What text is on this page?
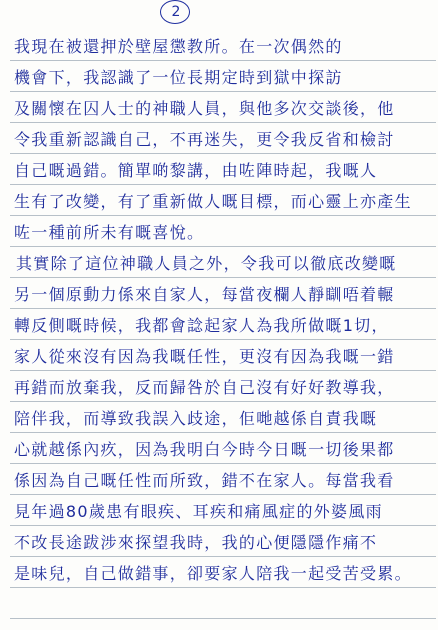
2
我現在被還押於壁屋懲教所。在一次偶然的
機會下，我認識了一位長期定時到獄中探訪
及關懷在囚人士的神職人員，與他多次交談後，他
令我重新認識自己，不再迷失，更令我反省和檢討
自己嘅過錯。簡單啲黎講，由咗陣時起，我嘅人
生有了改變，有了重新做人嘅目標，而心靈上亦產生
咗一種前所未有嘅喜悅。
其實除了這位神職人員之外，令我可以徹底改變嘅
另一個原動力係來自家人，每當夜欄人靜瞓唔着輾
轉反側嘅時候，我都會諗起家人為我所做嘅1切，
家人從來沒有因為我嘅任性，更沒有因為我嘅一錯
再錯而放棄我，反而歸咎於自己沒有好好教導我，
陪伴我，而導致我誤入歧途，佢哋越係自責我嘅
心就越係內疚，因為我明白今時今日嘅一切後果都
係因為自己嘅任性而所致，錯不在家人。每當我看
見年過80歲患有眼疾、耳疾和痛風症的外婆風雨
不改長途跋涉來探望我時，我的心便隱隱作痛不
是味兒，自己做錯事，卻要家人陪我一起受苦受累。
